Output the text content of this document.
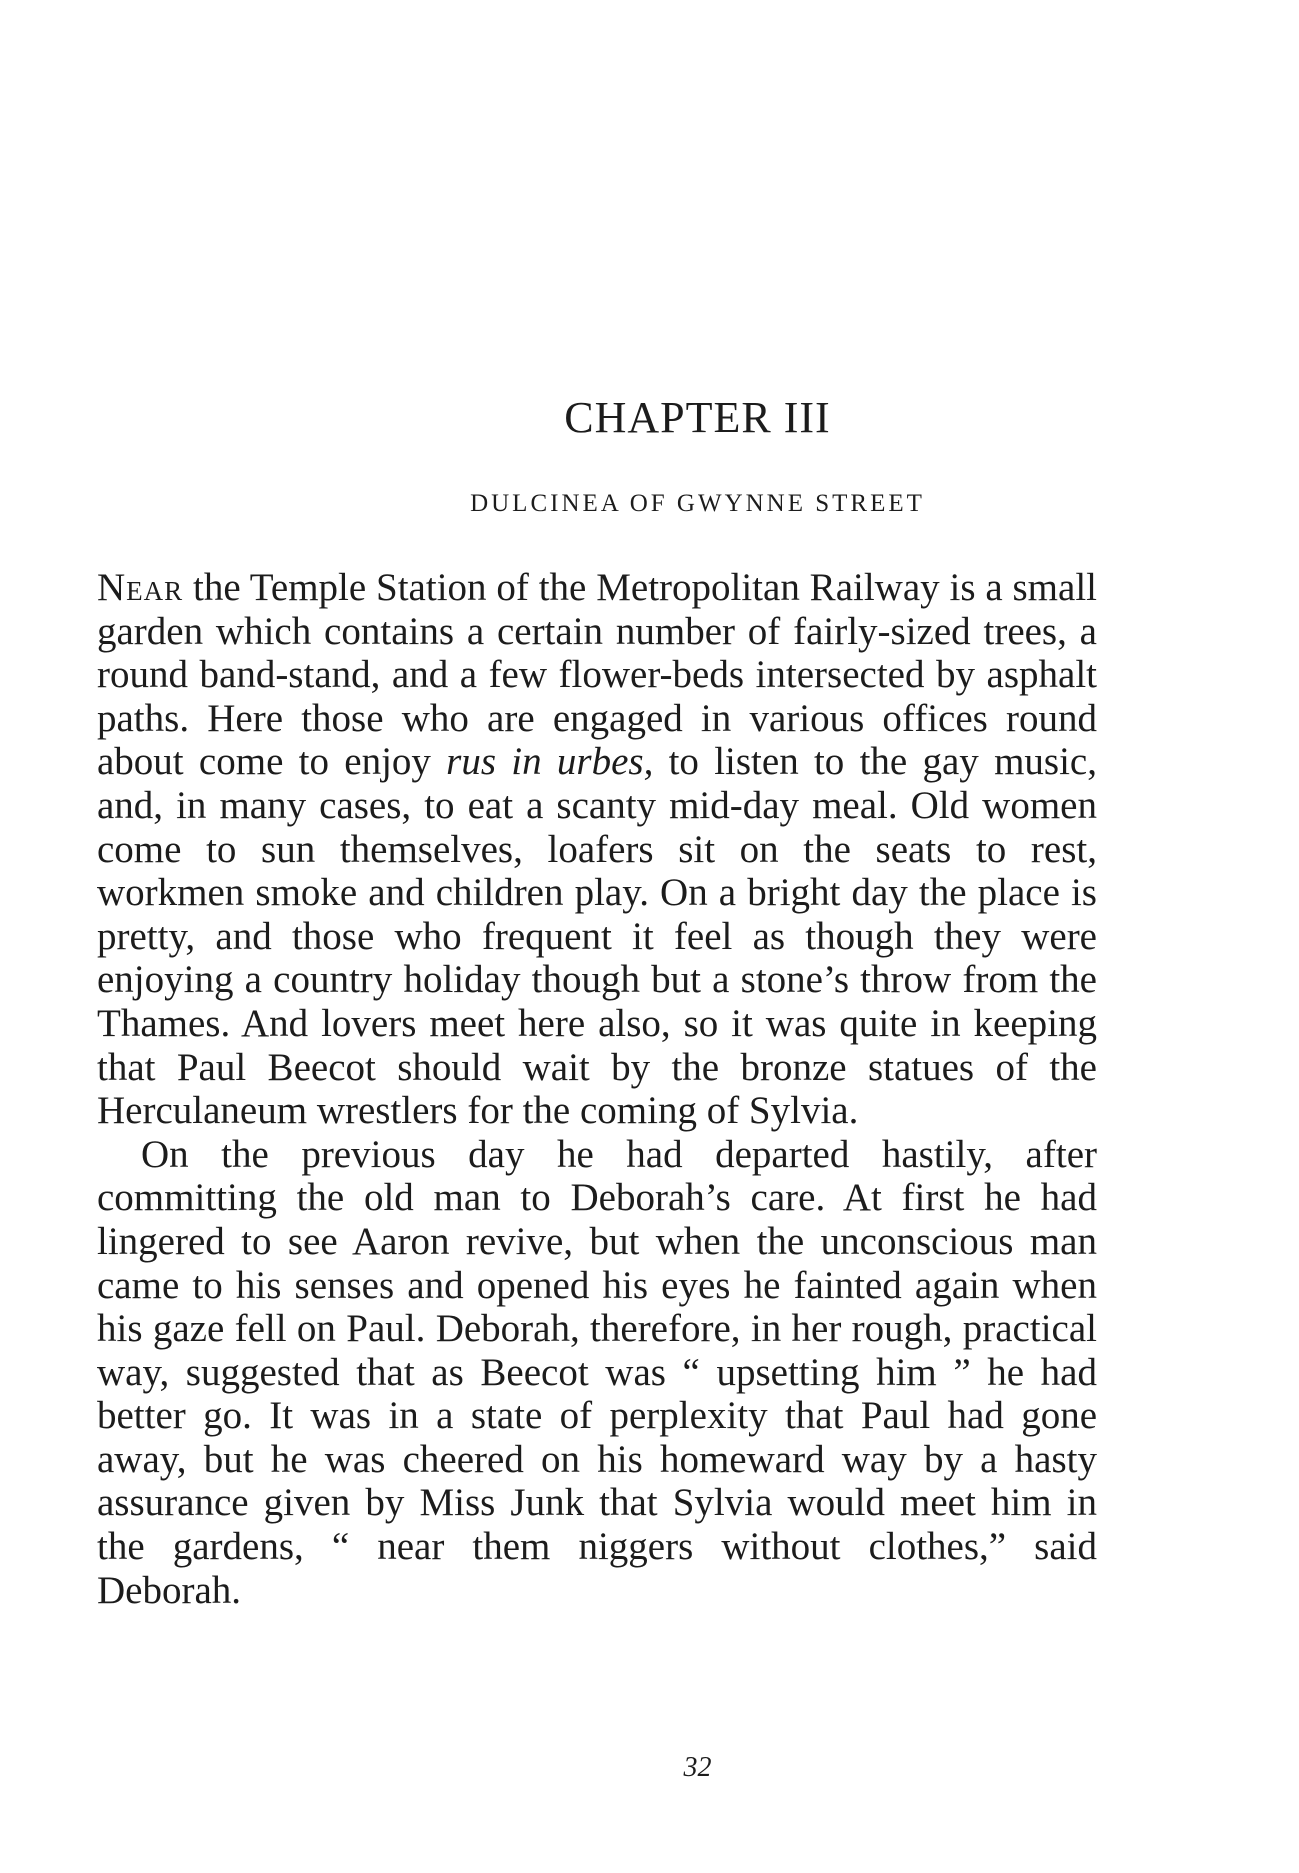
CHAPTER III
DULCINEA OF GWYNNE STREET

Near the Temple Station of the Metropolitan Railway is a small garden which contains a certain number of fairly-sized trees, a round band-stand, and a few flower-beds intersected by asphalt paths. Here those who are engaged in various offices round about come to enjoy rus in urbes, to listen to the gay music, and, in many cases, to eat a scanty mid-day meal. Old women come to sun themselves, loafers sit on the seats to rest, workmen smoke and children play. On a bright day the place is pretty, and those who frequent it feel as though they were enjoying a country holiday though but a stone’s throw from the Thames. And lovers meet here also, so it was quite in keeping that Paul Beecot should wait by the bronze statues of the Herculaneum wrestlers for the coming of Sylvia.

On the previous day he had departed hastily, after committing the old man to Deborah’s care. At first he had lingered to see Aaron revive, but when the unconscious man came to his senses and opened his eyes he fainted again when his gaze fell on Paul. Deborah, therefore, in her rough, practical way, suggested that as Beecot was “ upsetting him ” he had better go. It was in a state of perplexity that Paul had gone away, but he was cheered on his homeward way by a hasty assurance given by Miss Junk that Sylvia would meet him in the gardens, “ near them niggers without clothes,” said Deborah.

32
